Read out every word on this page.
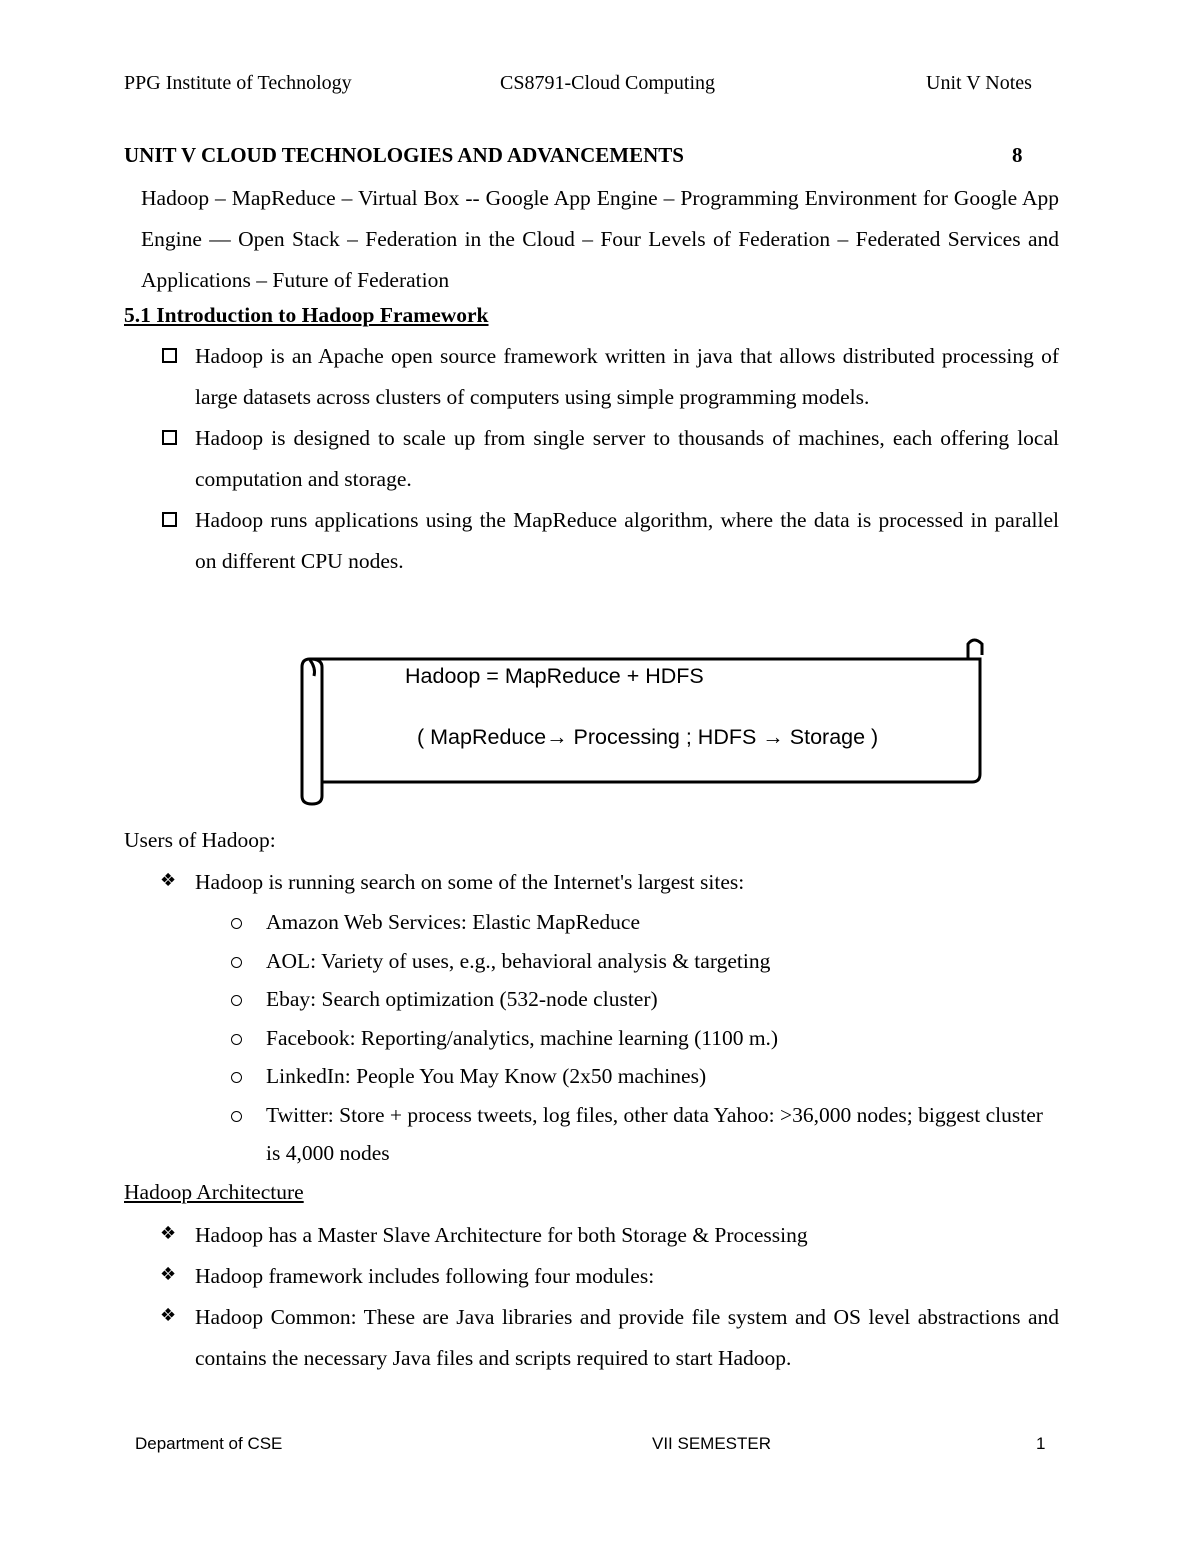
PPG Institute of Technology	CS8791-Cloud Computing	Unit V Notes
UNIT V CLOUD TECHNOLOGIES AND ADVANCEMENTS	8
Hadoop – MapReduce – Virtual Box -- Google App Engine – Programming Environment for Google App Engine –– Open Stack – Federation in the Cloud – Four Levels of Federation – Federated Services and Applications – Future of Federation
5.1 Introduction to Hadoop Framework
Hadoop is an Apache open source framework written in java that allows distributed processing of large datasets across clusters of computers using simple programming models.
Hadoop is designed to scale up from single server to thousands of machines, each offering local computation and storage.
Hadoop runs applications using the MapReduce algorithm, where the data is processed in parallel on different CPU nodes.
Hadoop = MapReduce + HDFS
( MapReduce→ Processing ; HDFS → Storage )
Users of Hadoop:
❖ Hadoop is running search on some of the Internet's largest sites:
Amazon Web Services: Elastic MapReduce
AOL: Variety of uses, e.g., behavioral analysis & targeting
Ebay: Search optimization (532-node cluster)
Facebook: Reporting/analytics, machine learning (1100 m.)
LinkedIn: People You May Know (2x50 machines)
Twitter: Store + process tweets, log files, other data Yahoo: >36,000 nodes; biggest cluster is 4,000 nodes
Hadoop Architecture
❖ Hadoop has a Master Slave Architecture for both Storage & Processing
❖ Hadoop framework includes following four modules:
❖ Hadoop Common: These are Java libraries and provide file system and OS level abstractions and contains the necessary Java files and scripts required to start Hadoop.
Department of CSE	VII SEMESTER	1
